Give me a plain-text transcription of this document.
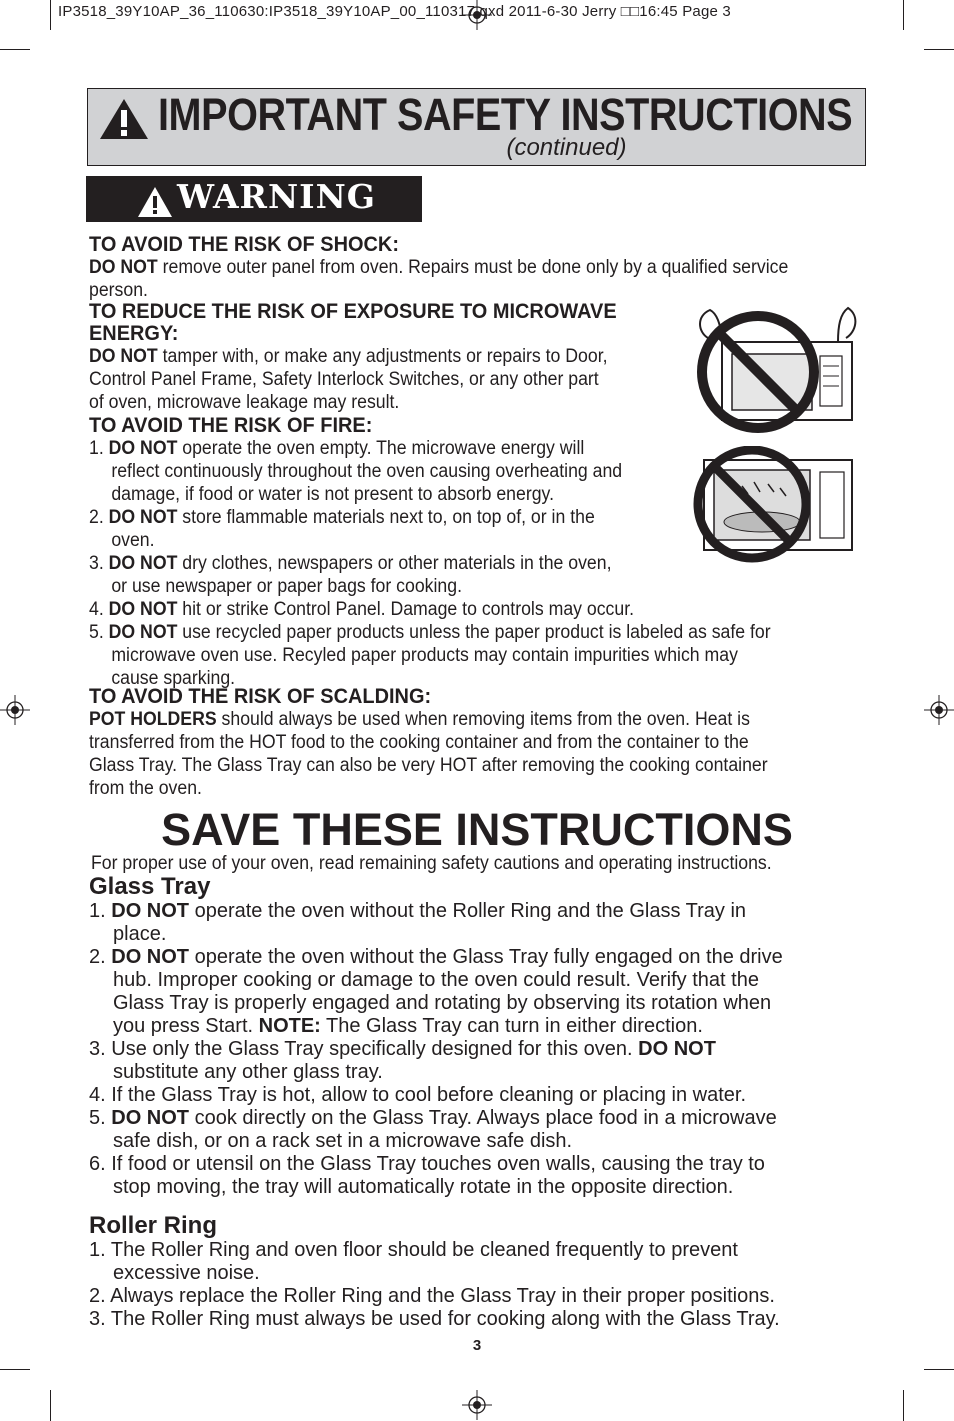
IP3518_39Y10AP_36_110630:IP3518_39Y10AP_00_110317.qxd 2011-6-30 Jerry □□16:45 Page 3
IMPORTANT SAFETY INSTRUCTIONS
(continued)
WARNING
TO AVOID THE RISK OF SHOCK:
DO NOT remove outer panel from oven. Repairs must be done only by a qualified service person.
TO REDUCE THE RISK OF EXPOSURE TO MICROWAVE
ENERGY:
DO NOT tamper with, or make any adjustments or repairs to Door,
Control Panel Frame, Safety Interlock Switches, or any other part
of oven, microwave leakage may result.
TO AVOID THE RISK OF FIRE:
1. DO NOT operate the oven empty. The microwave energy will
reflect continuously throughout the oven causing overheating and
damage, if food or water is not present to absorb energy.
2. DO NOT store flammable materials next to, on top of, or in the
oven.
3. DO NOT dry clothes, newspapers or other materials in the oven,
or use newspaper or paper bags for cooking.
4. DO NOT hit or strike Control Panel. Damage to controls may occur.
5. DO NOT use recycled paper products unless the paper product is labeled as safe for
microwave oven use. Recyled paper products may contain impurities which may
cause sparking.
TO AVOID THE RISK OF SCALDING:
POT HOLDERS should always be used when removing items from the oven. Heat is
transferred from the HOT food to the cooking container and from the container to the
Glass Tray. The Glass Tray can also be very HOT after removing the cooking container
from the oven.
SAVE THESE INSTRUCTIONS
For proper use of your oven, read remaining safety cautions and operating instructions.
Glass Tray
1. DO NOT operate the oven without the Roller Ring and the Glass Tray in
place.
2. DO NOT operate the oven without the Glass Tray fully engaged on the drive
hub. Improper cooking or damage to the oven could result. Verify that the
Glass Tray is properly engaged and rotating by observing its rotation when
you press Start. NOTE: The Glass Tray can turn in either direction.
3. Use only the Glass Tray specifically designed for this oven. DO NOT
substitute any other glass tray.
4. If the Glass Tray is hot, allow to cool before cleaning or placing in water.
5. DO NOT cook directly on the Glass Tray. Always place food in a microwave
safe dish, or on a rack set in a microwave safe dish.
6. If food or utensil on the Glass Tray touches oven walls, causing the tray to
stop moving, the tray will automatically rotate in the opposite direction.
Roller Ring
1. The Roller Ring and oven floor should be cleaned frequently to prevent
excessive noise.
2. Always replace the Roller Ring and the Glass Tray in their proper positions.
3. The Roller Ring must always be used for cooking along with the Glass Tray.
3
